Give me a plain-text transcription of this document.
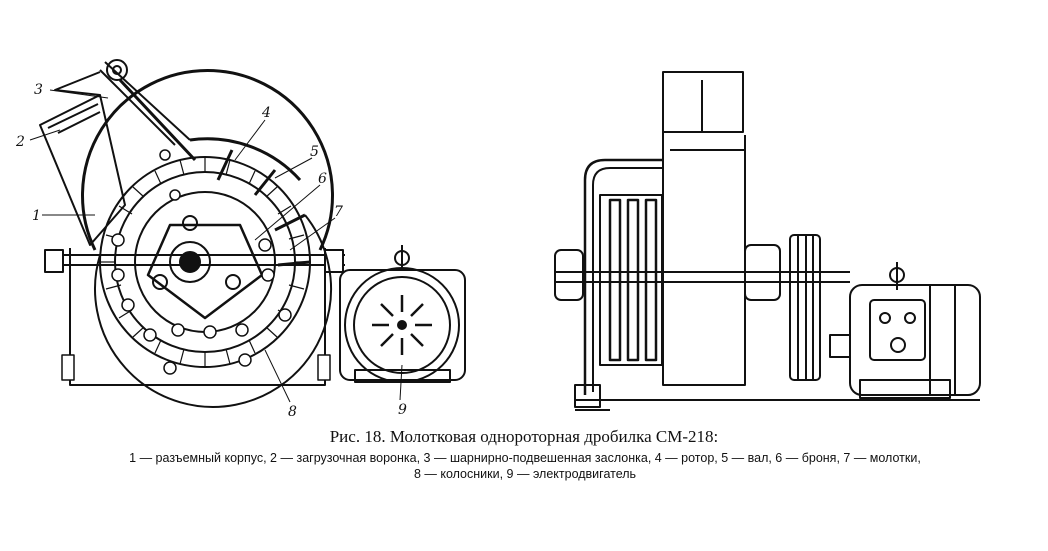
3
2
1
4
5
6
7
8	9
Рис. 18. Молотковая однороторная дробилка СМ-218:
1 — разъемный корпус, 2 — загрузочная воронка, 3 — шарнирно-подвешенная заслонка, 4 — ротор, 5 — вал, 6 — броня, 7 — молотки,
8 — колосники, 9 — электродвигатель
